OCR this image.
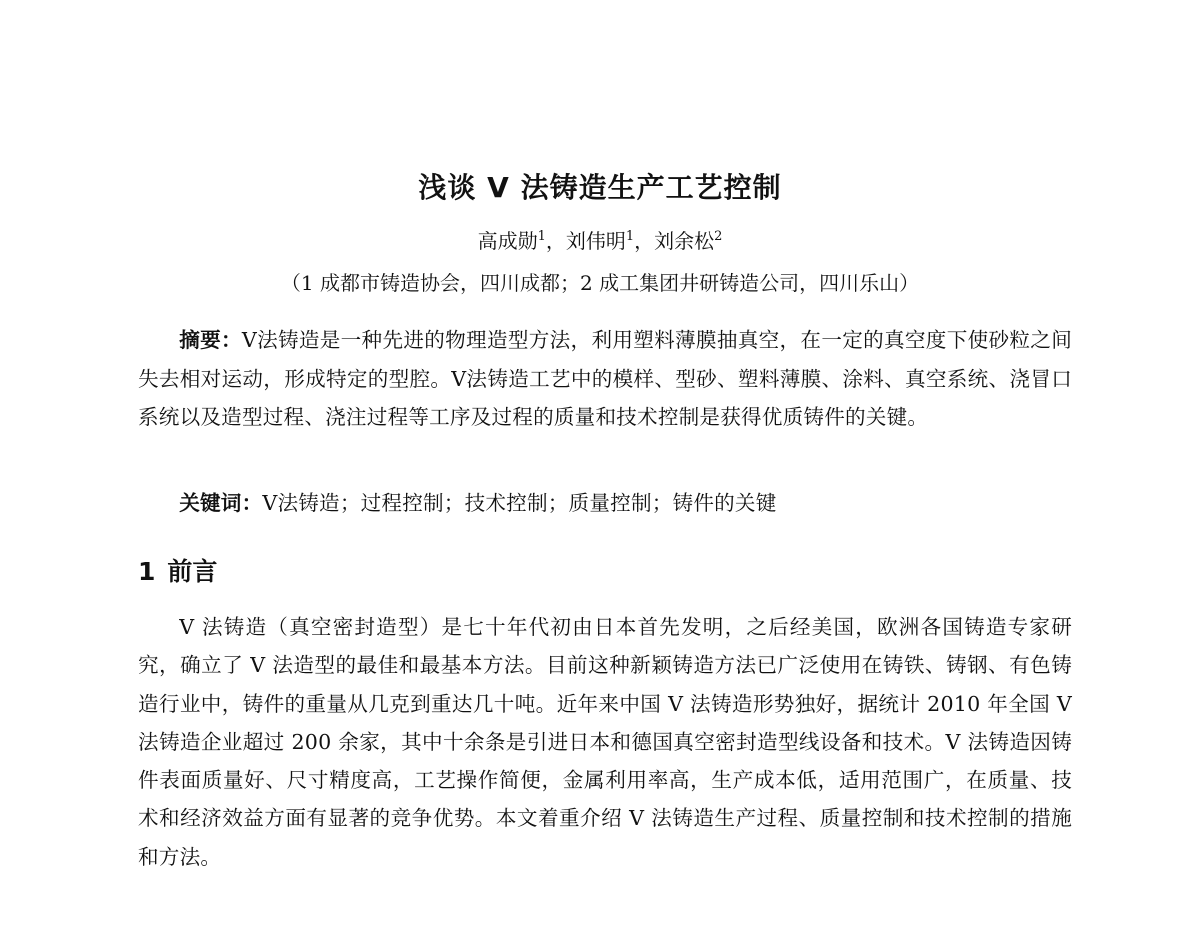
浅谈 V 法铸造生产工艺控制
高成勋$^1$，刘伟明$^1$，刘余松$^2$
（1 成都市铸造协会，四川成都；2 成工集团井研铸造公司，四川乐山）
摘要：V法铸造是一种先进的物理造型方法，利用塑料薄膜抽真空，在一定的真空度下使砂粒之间失去相对运动，形成特定的型腔。V法铸造工艺中的模样、型砂、塑料薄膜、涂料、真空系统、浇冒口系统以及造型过程、浇注过程等工序及过程的质量和技术控制是获得优质铸件的关键。
关键词：V法铸造；过程控制；技术控制；质量控制；铸件的关键
1 前言
V 法铸造（真空密封造型）是七十年代初由日本首先发明，之后经美国，欧洲各国铸造专家研究，确立了 V 法造型的最佳和最基本方法。目前这种新颖铸造方法已广泛使用在铸铁、铸钢、有色铸造行业中，铸件的重量从几克到重达几十吨。近年来中国 V 法铸造形势独好，据统计 2010 年全国 V 法铸造企业超过 200 余家，其中十余条是引进日本和德国真空密封造型线设备和技术。V 法铸造因铸件表面质量好、尺寸精度高，工艺操作简便，金属利用率高，生产成本低，适用范围广，在质量、技术和经济效益方面有显著的竞争优势。本文着重介绍 V 法铸造生产过程、质量控制和技术控制的措施和方法。
